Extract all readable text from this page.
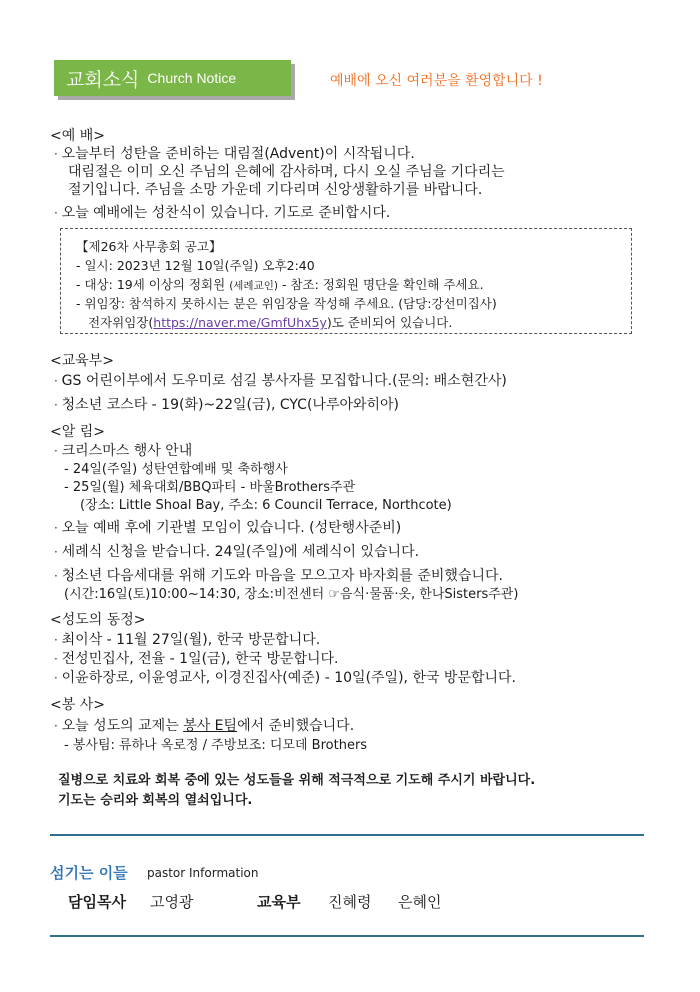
교회소식 Church Notice	예배에 오신 여러분을 환영합니다 !
<예 배>
· 오늘부터 성탄을 준비하는 대림절(Advent)이 시작됩니다.
대림절은 이미 오신 주님의 은혜에 감사하며, 다시 오실 주님을 기다리는
절기입니다. 주님을 소망 가운데 기다리며 신앙생활하기를 바랍니다.
· 오늘 예배에는 성찬식이 있습니다. 기도로 준비합시다.
【제26차 사무총회 공고】
- 일시: 2023년 12월 10일(주일) 오후2:40
- 대상: 19세 이상의 정회원 (세례교인) - 참조: 정회원 명단을 확인해 주세요.
- 위임장: 참석하지 못하시는 분은 위임장을 작성해 주세요. (담당:강선미집사)
전자위임장(https://naver.me/GmfUhx5y)도 준비되어 있습니다.
<교육부>
· GS 어린이부에서 도우미로 섬길 봉사자를 모집합니다.(문의: 배소현간사)
· 청소년 코스타 - 19(화)~22일(금), CYC(나루아와히아)
<알 림>
· 크리스마스 행사 안내
- 24일(주일) 성탄연합예배 및 축하행사
- 25일(월) 체육대회/BBQ파티 - 바울Brothers주관
(장소: Little Shoal Bay, 주소: 6 Council Terrace, Northcote)
· 오늘 예배 후에 기관별 모임이 있습니다. (성탄행사준비)
· 세례식 신청을 받습니다. 24일(주일)에 세례식이 있습니다.
· 청소년 다음세대를 위해 기도와 마음을 모으고자 바자회를 준비했습니다.
(시간:16일(토)10:00~14:30, 장소:비전센터 ☞음식·물품·옷, 한나Sisters주관)
<성도의 동정>
· 최이삭 - 11월 27일(월), 한국 방문합니다.
· 전성민집사, 전율 - 1일(금), 한국 방문합니다.
· 이윤하장로, 이윤영교사, 이경진집사(예준) - 10일(주일), 한국 방문합니다.
<봉 사>
· 오늘 성도의 교제는 봉사 E팀에서 준비했습니다.
- 봉사팀: 류하나 옥로정 / 주방보조: 디모데 Brothers
질병으로 치료와 회복 중에 있는 성도들을 위해 적극적으로 기도해 주시기 바랍니다.
기도는 승리와 회복의 열쇠입니다.
섬기는 이들 pastor Information
담임목사 고영광	교육부 진혜령 은혜인
